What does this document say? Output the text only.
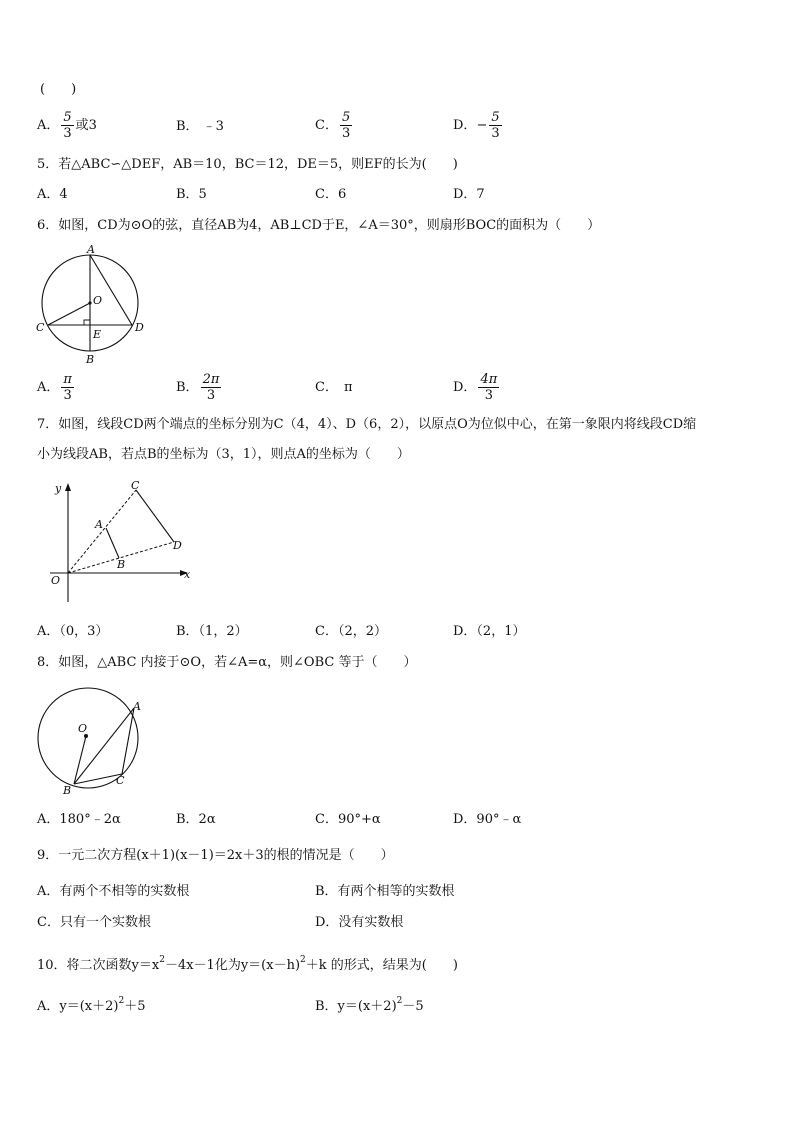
(　　)
A． $\frac{5}{3}$ 或3	B． ﹣3	C． $\frac{5}{3}$	D． − $\frac{5}{3}$
5．若△ABC∽△DEF，AB＝10，BC＝12，DE＝5，则EF的长为(　　)
A．4	B．5	C．6	D．7
6．如图，CD为⊙O的弦，直径AB为4，AB⊥CD于E，∠A＝30°，则扇形BOC的面积为（　　）
A
O
C	D
E
B
A． $\frac{\pi}{3}$	B． $\frac{2\pi}{3}$	C． π	D． $\frac{4\pi}{3}$
7．如图，线段CD两个端点的坐标分别为C（4，4）、D（6，2），以原点O为位似中心，在第一象限内将线段CD缩
小为线段AB，若点B的坐标为（3，1），则点A的坐标为（　　）
y
x
O
A
B
C
D
A．（0，3）	B．（1，2）	C．（2，2）	D．（2，1）
8．如图，△ABC 内接于⊙O，若∠A=α，则∠OBC 等于（　　）
O
A
B
C
A．180°﹣2α	B．2α	C．90°+α	D．90°﹣α
9．一元二次方程(x＋1)(x－1)＝2x＋3的根的情况是（　　）
A．有两个不相等的实数根	B．有两个相等的实数根
C．只有一个实数根	D．没有实数根
10．将二次函数$y=x^2-4x-1$化为$y=(x-h)^2+k$ 的形式，结果为(　　)
A．$y=(x+2)^2+5$	B．$y=(x+2)^2-5$
